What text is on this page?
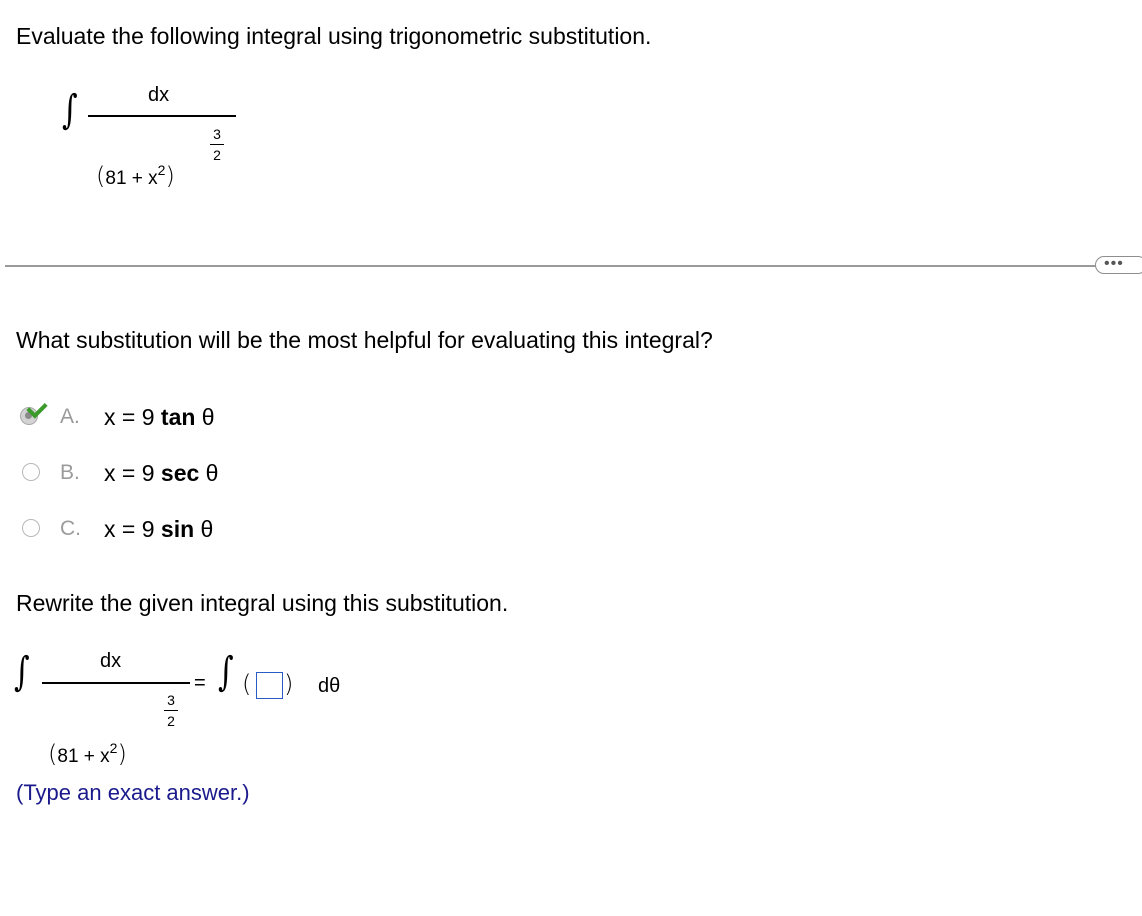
Evaluate the following integral using trigonometric substitution.
∫	dx
(81 + x2)
3
2
•••
What substitution will be the most helpful for evaluating this integral?
A. x = 9 tan θ
B. x = 9 sec θ
C. x = 9 sin θ
Rewrite the given integral using this substitution.
∫	dx
(81 + x2)
3
2
= ∫ ( ) dθ
(Type an exact answer.)
